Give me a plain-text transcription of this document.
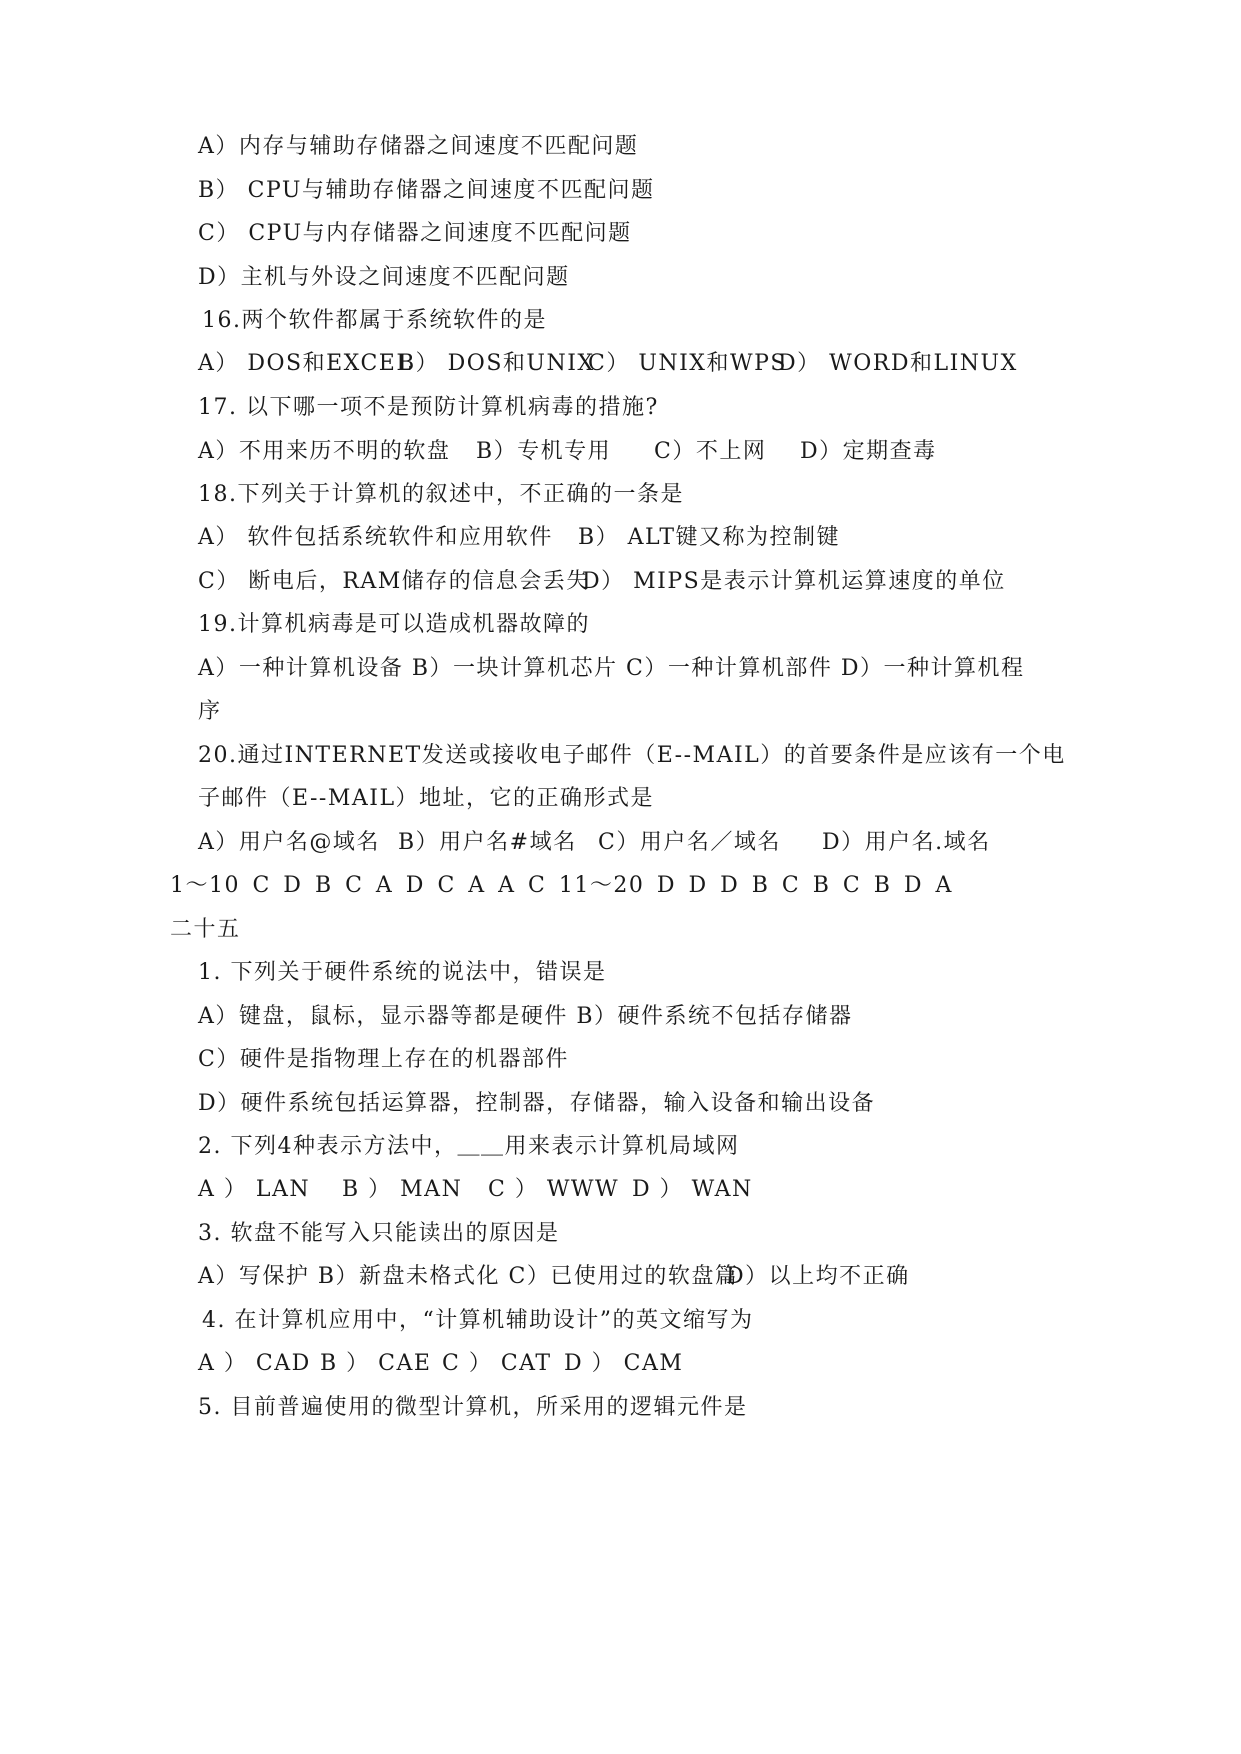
A）内存与辅助存储器之间速度不匹配问题
B） CPU与辅助存储器之间速度不匹配问题
C） CPU与内存储器之间速度不匹配问题
D）主机与外设之间速度不匹配问题
16.两个软件都属于系统软件的是
A） DOS和EXCEL
B） DOS和UNIX
C） UNIX和WPS
D） WORD和LINUX
17. 以下哪一项不是预防计算机病毒的措施?
A）不用来历不明的软盘 B）专机专用 C）不上网 D）定期查毒
18.下列关于计算机的叙述中，不正确的一条是
A） 软件包括系统软件和应用软件 B） ALT键又称为控制键
C） 断电后，RAM储存的信息会丢失
D） MIPS是表示计算机运算速度的单位
19.计算机病毒是可以造成机器故障的
A）一种计算机设备 B）一块计算机芯片 C）一种计算机部件 D）一种计算机程
序
20.通过INTERNET发送或接收电子邮件（E--MAIL）的首要条件是应该有一个电
子邮件（E--MAIL）地址，它的正确形式是
A）用户名@域名 B）用户名#域名 C）用户名／域名 D）用户名.域名
1～10 C D B C A D C A A C 11～20 D D D B C B C B D A
二十五
1. 下列关于硬件系统的说法中，错误是
A）键盘，鼠标，显示器等都是硬件 B）硬件系统不包括存储器
C）硬件是指物理上存在的机器部件
D）硬件系统包括运算器，控制器，存储器，输入设备和输出设备
2. 下列4种表示方法中，＿＿用来表示计算机局域网
A ） LAN B ） MAN C ） WWW D ） WAN
3. 软盘不能写入只能读出的原因是
A）写保护 B）新盘未格式化 C）已使用过的软盘篇
D）以上均不正确
4. 在计算机应用中，“计算机辅助设计”的英文缩写为
A ） CAD B ） CAE C ） CAT D ） CAM
5. 目前普遍使用的微型计算机，所采用的逻辑元件是
